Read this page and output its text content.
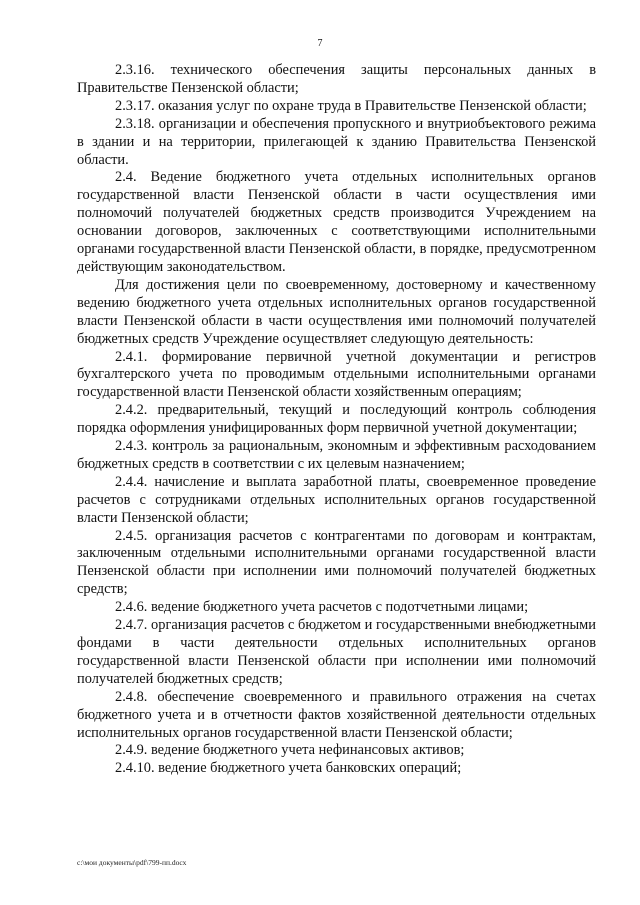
7

2.3.16. технического обеспечения защиты персональных данных в Правительстве Пензенской области;

2.3.17. оказания услуг по охране труда в Правительстве Пензенской области;

2.3.18. организации и обеспечения пропускного и внутриобъектового режима в здании и на территории, прилегающей к зданию Правительства Пензенской области.

2.4. Ведение бюджетного учета отдельных исполнительных органов государственной власти Пензенской области в части осуществления ими полномочий получателей бюджетных средств производится Учреждением на основании договоров, заключенных с соответствующими исполнительными органами государственной власти Пензенской области, в порядке, предусмотренном действующим законодательством.

Для достижения цели по своевременному, достоверному и качественному ведению бюджетного учета отдельных исполнительных органов государственной власти Пензенской области в части осуществления ими полномочий получателей бюджетных средств Учреждение осуществляет следующую деятельность:

2.4.1. формирование первичной учетной документации и регистров бухгалтерского учета по проводимым отдельными исполнительными органами государственной власти Пензенской области хозяйственным операциям;

2.4.2. предварительный, текущий и последующий контроль соблюдения порядка оформления унифицированных форм первичной учетной документации;

2.4.3. контроль за рациональным, экономным и эффективным расходованием бюджетных средств в соответствии с их целевым назначением;

2.4.4. начисление и выплата заработной платы, своевременное проведение расчетов с сотрудниками отдельных исполнительных органов государственной власти Пензенской области;

2.4.5. организация расчетов с контрагентами по договорам и контрактам, заключенным отдельными исполнительными органами государственной власти Пензенской области при исполнении ими полномочий получателей бюджетных средств;

2.4.6. ведение бюджетного учета расчетов с подотчетными лицами;

2.4.7. организация расчетов с бюджетом и государственными внебюджетными фондами в части деятельности отдельных исполнительных органов государственной власти Пензенской области при исполнении ими полномочий получателей бюджетных средств;

2.4.8. обеспечение своевременного и правильного отражения на счетах бюджетного учета и в отчетности фактов хозяйственной деятельности отдельных исполнительных органов государственной власти Пензенской области;

2.4.9. ведение бюджетного учета нефинансовых активов;

2.4.10. ведение бюджетного учета банковских операций;

c:\мои документы\pdf\799-пп.docx
